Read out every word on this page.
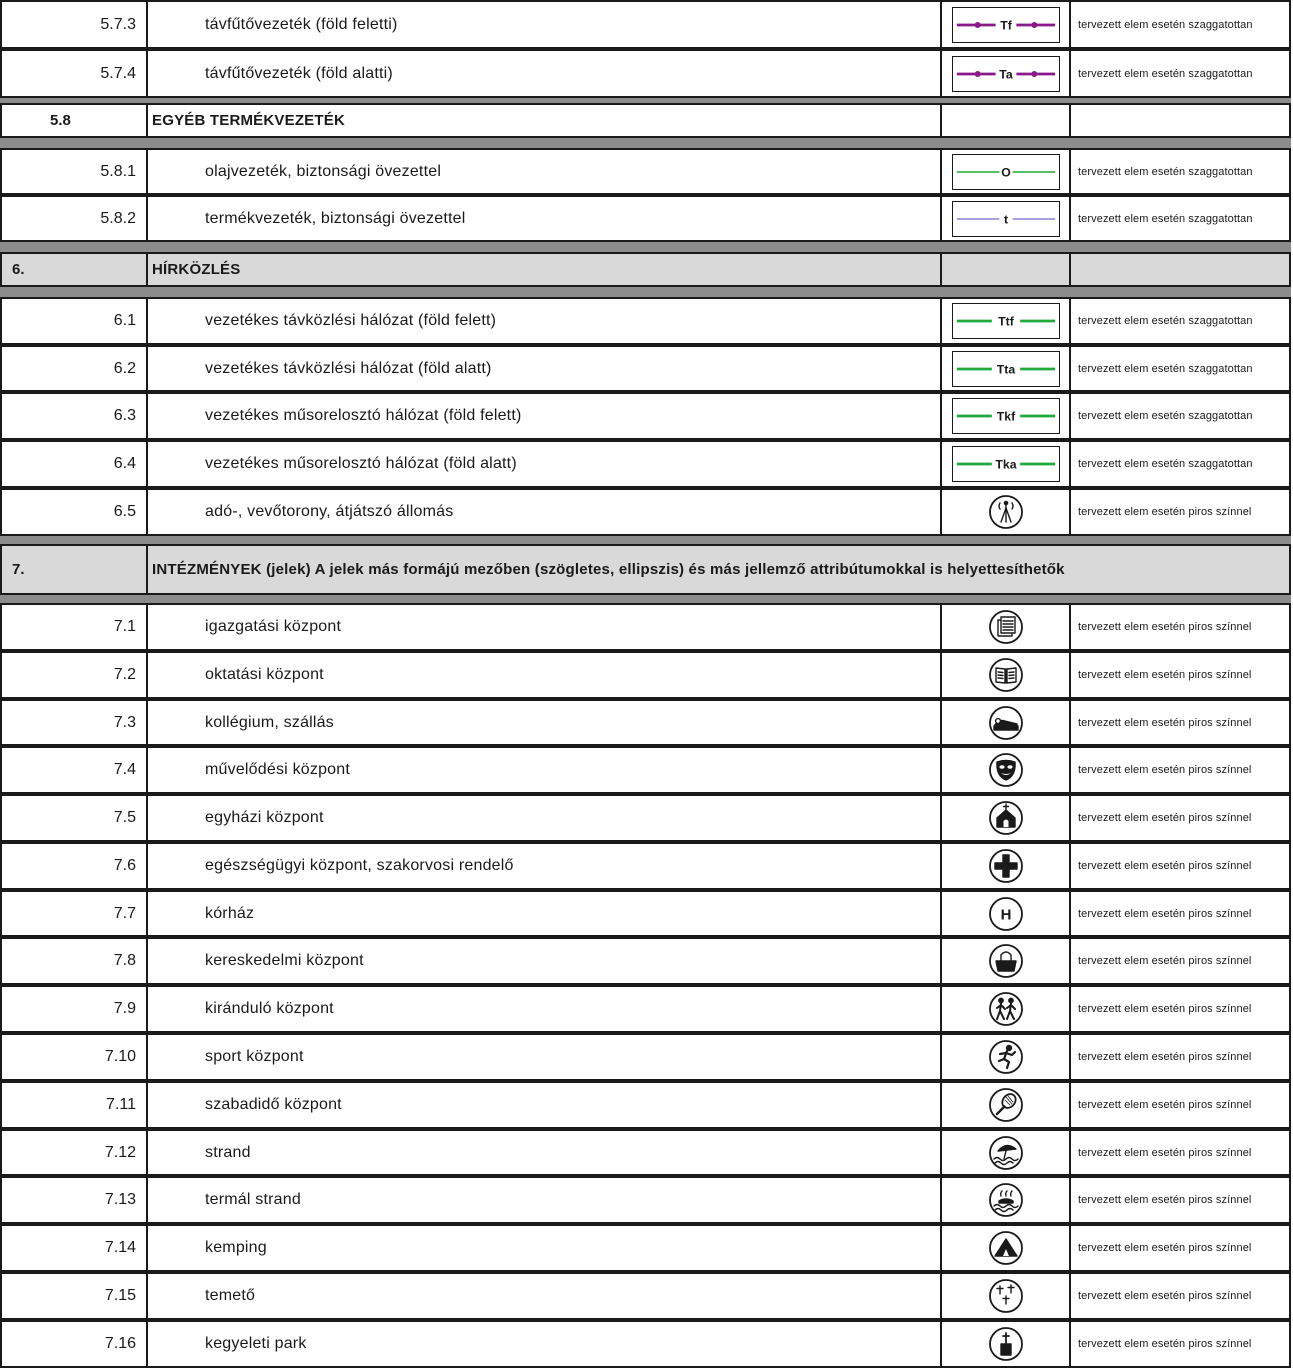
5.7.3	távfűtővezeték (föld feletti)	Tf	tervezett elem esetén szaggatottan
5.7.4	távfűtővezeték (föld alatti)	Ta	tervezett elem esetén szaggatottan
5.8	EGYÉB TERMÉKVEZETÉK
5.8.1	olajvezeték, biztonsági övezettel	O	tervezett elem esetén szaggatottan
5.8.2	termékvezeték, biztonsági övezettel	t	tervezett elem esetén szaggatottan
6.	HÍRKÖZLÉS
6.1	vezetékes távközlési hálózat (föld felett)	Ttf	tervezett elem esetén szaggatottan
6.2	vezetékes távközlési hálózat (föld alatt)	Tta	tervezett elem esetén szaggatottan
6.3	vezetékes műsorelosztó hálózat (föld felett)	Tkf	tervezett elem esetén szaggatottan
6.4	vezetékes műsorelosztó hálózat (föld alatt)	Tka	tervezett elem esetén szaggatottan
6.5	adó-, vevőtorony, átjátszó állomás	tervezett elem esetén piros színnel
7.	INTÉZMÉNYEK (jelek) A jelek más formájú mezőben (szögletes, ellipszis) és más jellemző attribútumokkal is helyettesíthetők
7.1	igazgatási központ	tervezett elem esetén piros színnel
7.2	oktatási központ	tervezett elem esetén piros színnel
7.3	kollégium, szállás	tervezett elem esetén piros színnel
7.4	művelődési központ	tervezett elem esetén piros színnel
7.5	egyházi központ	tervezett elem esetén piros színnel
7.6	egészségügyi központ, szakorvosi rendelő	tervezett elem esetén piros színnel
7.7	kórház	H	tervezett elem esetén piros színnel
7.8	kereskedelmi központ	tervezett elem esetén piros színnel
7.9	kiránduló központ	tervezett elem esetén piros színnel
7.10	sport központ	tervezett elem esetén piros színnel
7.11	szabadidő központ	tervezett elem esetén piros színnel
7.12	strand	tervezett elem esetén piros színnel
7.13	termál strand	tervezett elem esetén piros színnel
7.14	kemping	tervezett elem esetén piros színnel
7.15	temető	tervezett elem esetén piros színnel
7.16	kegyeleti park	tervezett elem esetén piros színnel
